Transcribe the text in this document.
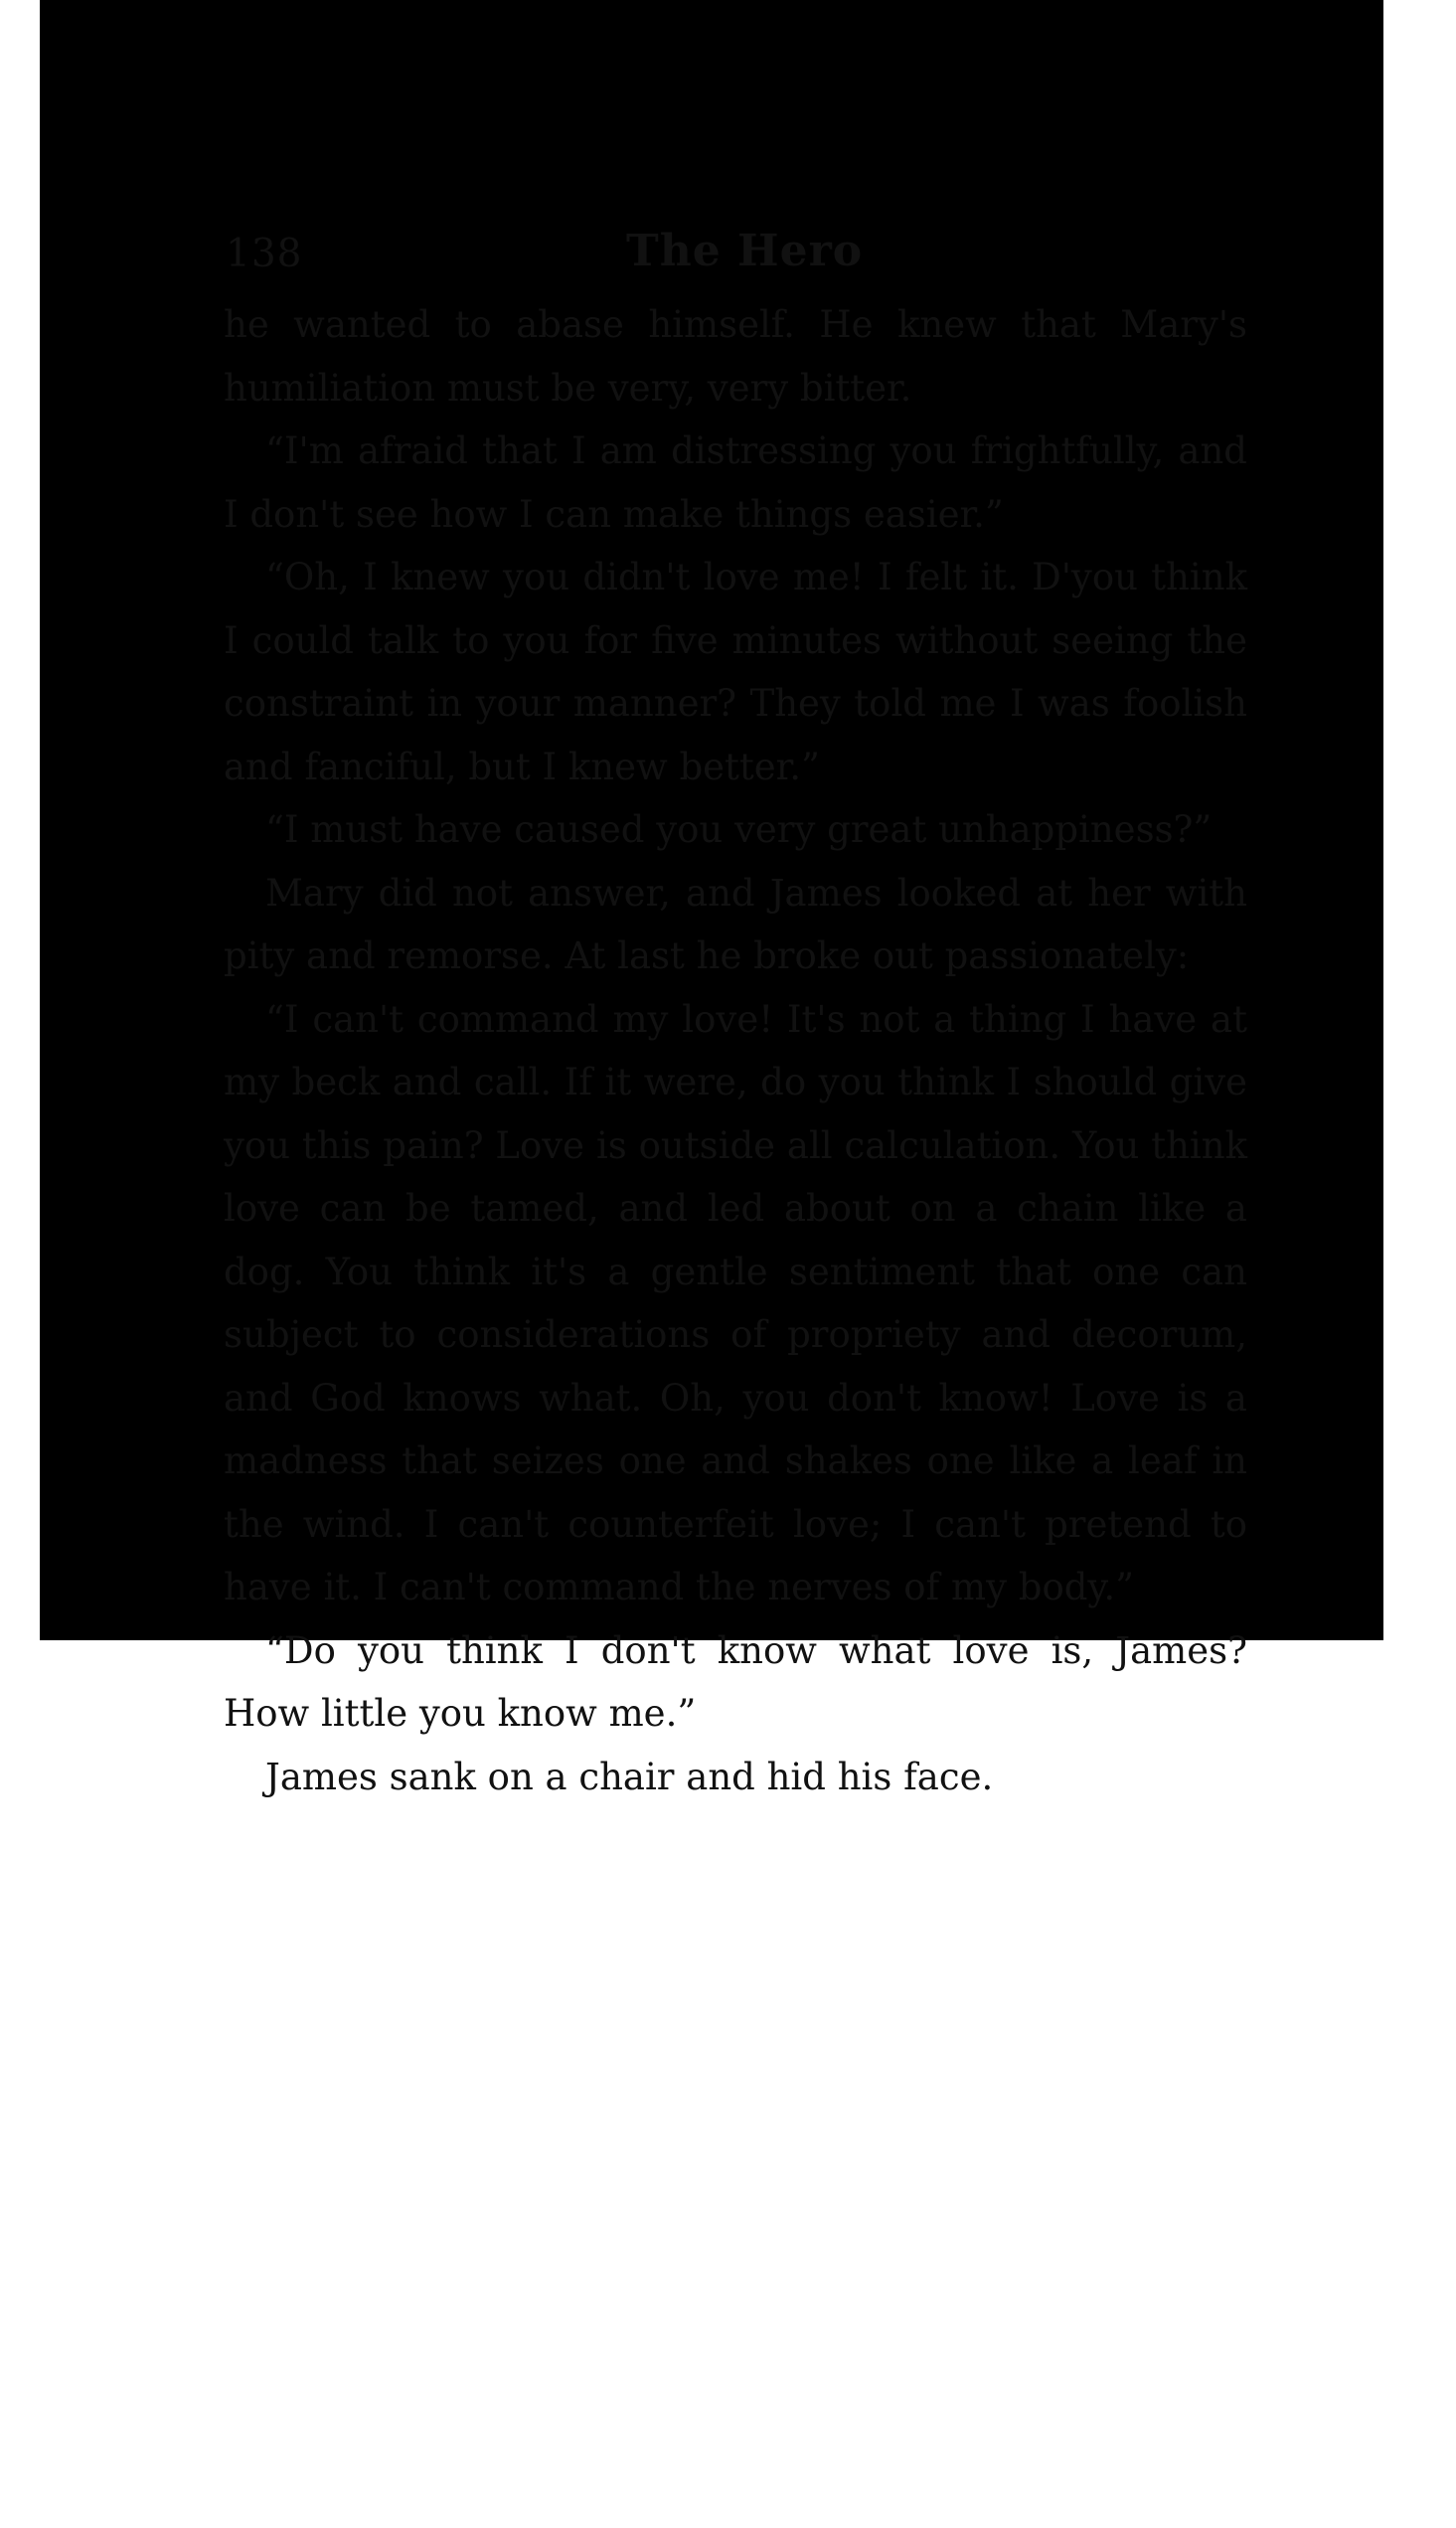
138	The Hero

he wanted to abase himself. He knew that Mary's humiliation must be very, very bitter.

“I'm afraid that I am distressing you frightfully, and I don't see how I can make things easier.”

“Oh, I knew you didn't love me! I felt it. D'you think I could talk to you for five minutes without seeing the constraint in your manner? They told me I was foolish and fanciful, but I knew better.”

“I must have caused you very great unhappiness?”

Mary did not answer, and James looked at her with pity and remorse. At last he broke out passionately:

“I can't command my love! It's not a thing I have at my beck and call. If it were, do you think I should give you this pain? Love is outside all calculation. You think love can be tamed, and led about on a chain like a dog. You think it's a gentle sentiment that one can subject to considerations of propriety and decorum, and God knows what. Oh, you don't know! Love is a madness that seizes one and shakes one like a leaf in the wind. I can't counterfeit love; I can't pretend to have it. I can't command the nerves of my body.”

“Do you think I don't know what love is, James? How little you know me.”

James sank on a chair and hid his face.
